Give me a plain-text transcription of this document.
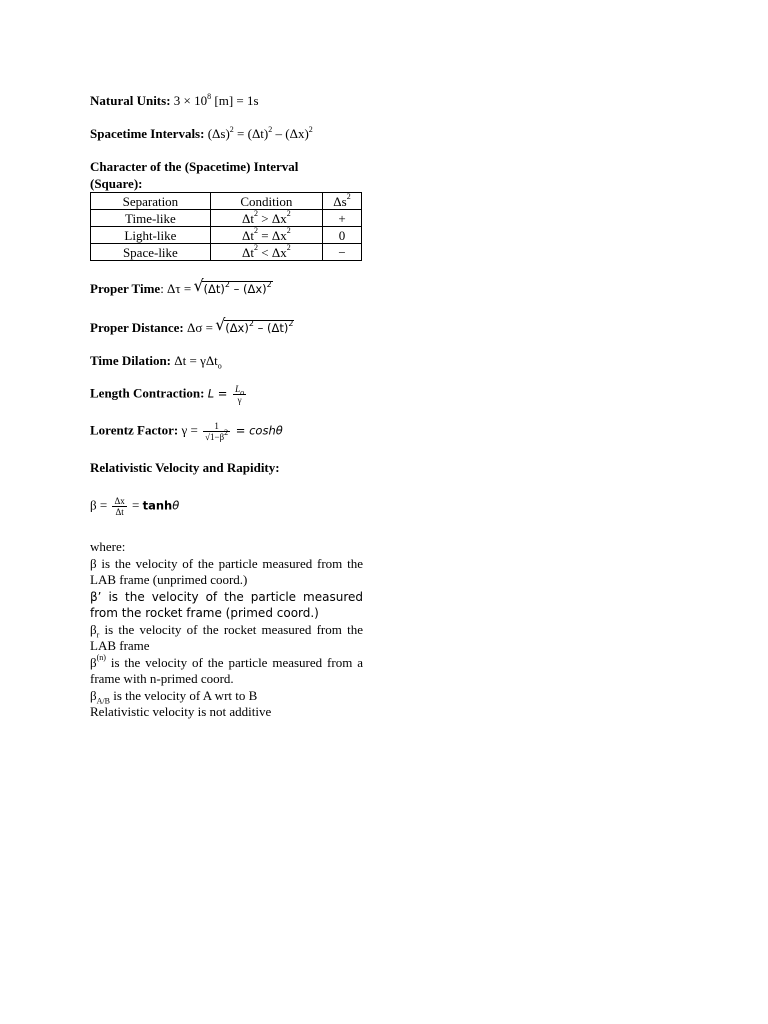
Natural Units: $3 \times 10^8$ [m] = 1s
Spacetime Intervals: $(\Delta s)^2 = (\Delta t)^2 - (\Delta x)^2$
Character of the (Spacetime) Interval
(Square):
Separation	Condition	$\Delta s^2$
Time-like	$\Delta t^2 > \Delta x^2$	+
Light-like	$\Delta t^2 = \Delta x^2$	0
Space-like	$\Delta t^2 < \Delta x^2$	−
Proper Time: Δτ = √ $(\Delta t)^2 - (\Delta x)^2$
Proper Distance: Δσ = √ $(\Delta x)^2 - (\Delta t)^2$
Time Dilation: Δt = γΔt$_o$
Length Contraction: $L = \frac{L_o}{\gamma}$
Lorentz Factor: $\gamma = \frac{1}{√1-\beta^2} = \cosh\theta$
Relativistic Velocity and Rapidity:
$\beta = \frac{\Delta x}{\Delta t} = \tanh\theta$
where:
β is the velocity of the particle measured from the LAB frame (unprimed coord.)
β’ is the velocity of the particle measured from the rocket frame (primed coord.)
$\beta_r$ is the velocity of the rocket measured from the LAB frame
$\beta^{(n)}$ is the velocity of the particle measured from a frame with n-primed coord.
$\beta_{A/B}$ is the velocity of A wrt to B
Relativistic velocity is not additive
